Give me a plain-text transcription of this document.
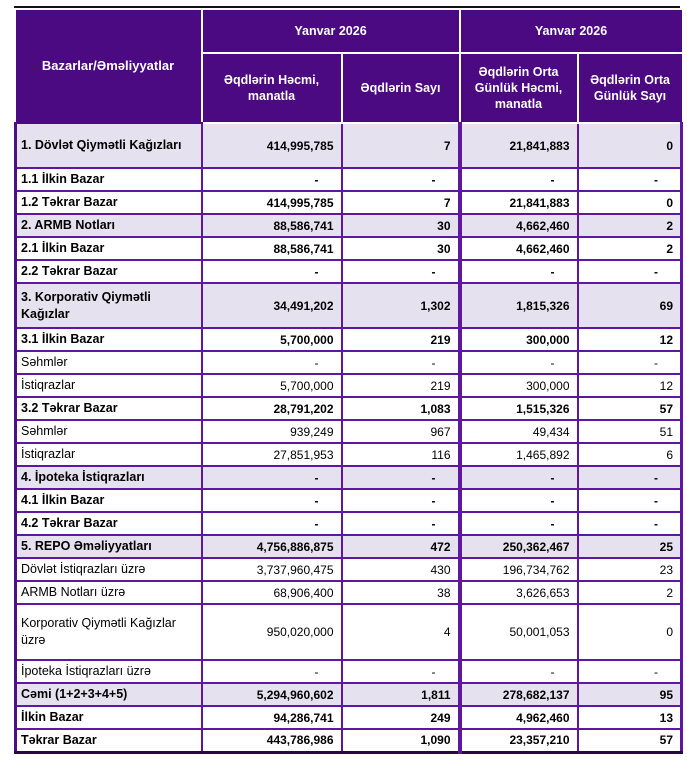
Bazarlar/Əməliyyatlar	Yanvar 2026		Yanvar 2026	
	Əqdlərin Həcmi, manatla	Əqdlərin Sayı	Əqdlərin Orta Günlük Həcmi, manatla	Əqdlərin Orta Günlük Sayı
1. Dövlət Qiymətli Kağızları	414,995,785	7	21,841,883	0
1.1 İlkin Bazar	-	-	-	-
1.2 Təkrar Bazar	414,995,785	7	21,841,883	0
2. ARMB Notları	88,586,741	30	4,662,460	2
2.1 İlkin Bazar	88,586,741	30	4,662,460	2
2.2 Təkrar Bazar	-	-	-	-
3. Korporativ Qiymətli Kağızlar	34,491,202	1,302	1,815,326	69
3.1 İlkin Bazar	5,700,000	219	300,000	12
Səhmlər	-	-	-	-
İstiqrazlar	5,700,000	219	300,000	12
3.2 Təkrar Bazar	28,791,202	1,083	1,515,326	57
Səhmlər	939,249	967	49,434	51
İstiqrazlar	27,851,953	116	1,465,892	6
4. İpoteka İstiqrazları	-	-	-	-
4.1 İlkin Bazar	-	-	-	-
4.2 Təkrar Bazar	-	-	-	-
5. REPO Əməliyyatları	4,756,886,875	472	250,362,467	25
Dövlət İstiqrazları üzrə	3,737,960,475	430	196,734,762	23
ARMB Notları üzrə	68,906,400	38	3,626,653	2
Korporativ Qiymətli Kağızlar üzrə	950,020,000	4	50,001,053	0
İpoteka İstiqrazları üzrə	-	-	-	-
Cəmi (1+2+3+4+5)	5,294,960,602	1,811	278,682,137	95
İlkin Bazar	94,286,741	249	4,962,460	13
Təkrar Bazar	443,786,986	1,090	23,357,210	57
